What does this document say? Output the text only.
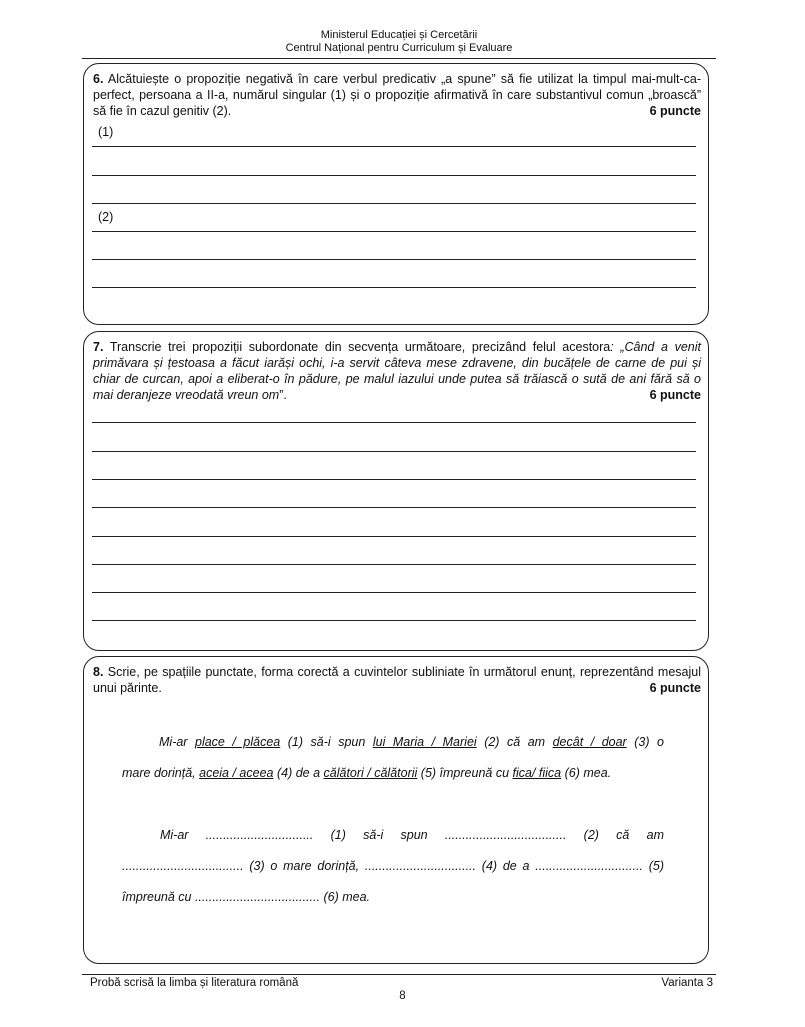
Ministerul Educației și Cercetării
Centrul Național pentru Curriculum și Evaluare
6. Alcătuiește o propoziție negativă în care verbul predicativ „a spune” să fie utilizat la timpul mai-mult-ca-perfect, persoana a II-a, numărul singular (1) și o propoziție afirmativă în care substantivul comun „broască” să fie în cazul genitiv (2).	6 puncte
(1)
(2)
7. Transcrie trei propoziții subordonate din secvența următoare, precizând felul acestora: „Când a venit primăvara și țestoasa a făcut iarăși ochi, i-a servit câteva mese zdravene, din bucățele de carne de pui și chiar de curcan, apoi a eliberat-o în pădure, pe malul iazului unde putea să trăiască o sută de ani fără să o mai deranjeze vreodată vreun om”.	6 puncte
8. Scrie, pe spațiile punctate, forma corectă a cuvintelor subliniate în următorul enunț, reprezentând mesajul unui părinte.	6 puncte
Mi-ar place / plăcea (1) să-i spun lui Maria / Mariei (2) că am decât / doar (3) o
mare dorință, aceia / aceea (4) de a călători / călătorii (5) împreună cu fica/ fiica (6) mea.
Mi-ar ............................... (1) să-i spun ................................... (2) că am
................................... (3) o mare dorință, ................................ (4) de a ............................... (5)
împreună cu .................................... (6) mea.
Probă scrisă la limba și literatura română	Varianta 3
8
